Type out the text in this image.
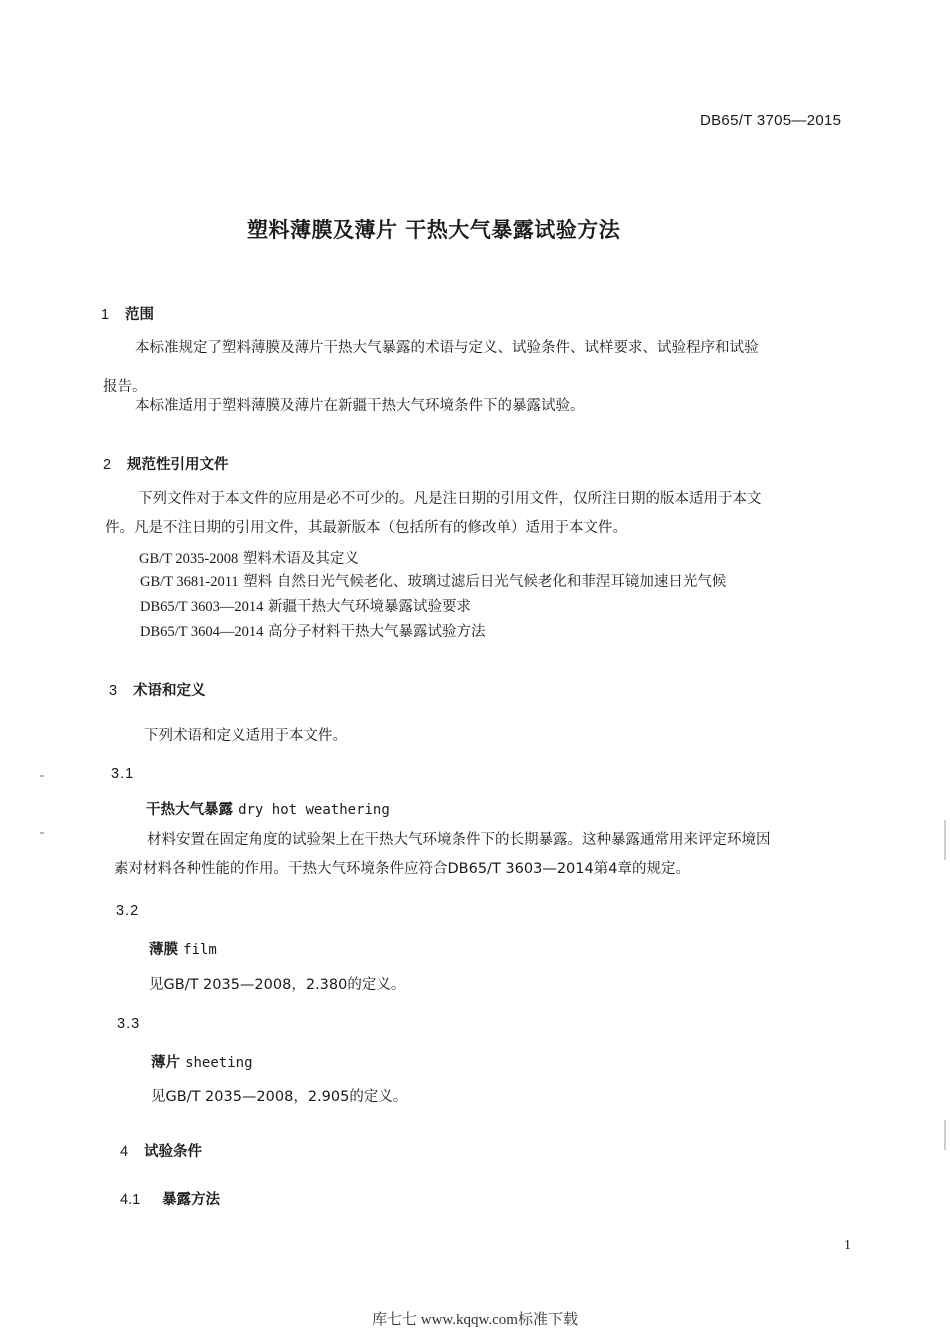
DB65/T 3705—2015
塑料薄膜及薄片 干热大气暴露试验方法
1 范围
本标准规定了塑料薄膜及薄片干热大气暴露的术语与定义、试验条件、试样要求、试验程序和试验
报告。
本标准适用于塑料薄膜及薄片在新疆干热大气环境条件下的暴露试验。
2 规范性引用文件
下列文件对于本文件的应用是必不可少的。凡是注日期的引用文件，仅所注日期的版本适用于本文
件。凡是不注日期的引用文件，其最新版本（包括所有的修改单）适用于本文件。
GB/T 2035-2008 塑料术语及其定义
GB/T 3681-2011 塑料 自然日光气候老化、玻璃过滤后日光气候老化和菲涅耳镜加速日光气候
DB65/T 3603—2014 新疆干热大气环境暴露试验要求
DB65/T 3604—2014 高分子材料干热大气暴露试验方法
3 术语和定义
下列术语和定义适用于本文件。
3.1
干热大气暴露 dry hot weathering
材料安置在固定角度的试验架上在干热大气环境条件下的长期暴露。这种暴露通常用来评定环境因
素对材料各种性能的作用。干热大气环境条件应符合DB65/T 3603—2014第4章的规定。
3.2
薄膜 film
见GB/T 2035—2008，2.380的定义。
3.3
薄片 sheeting
见GB/T 2035—2008，2.905的定义。
4 试验条件
4.1 暴露方法
1
库七七 www.kqqw.com标准下载
